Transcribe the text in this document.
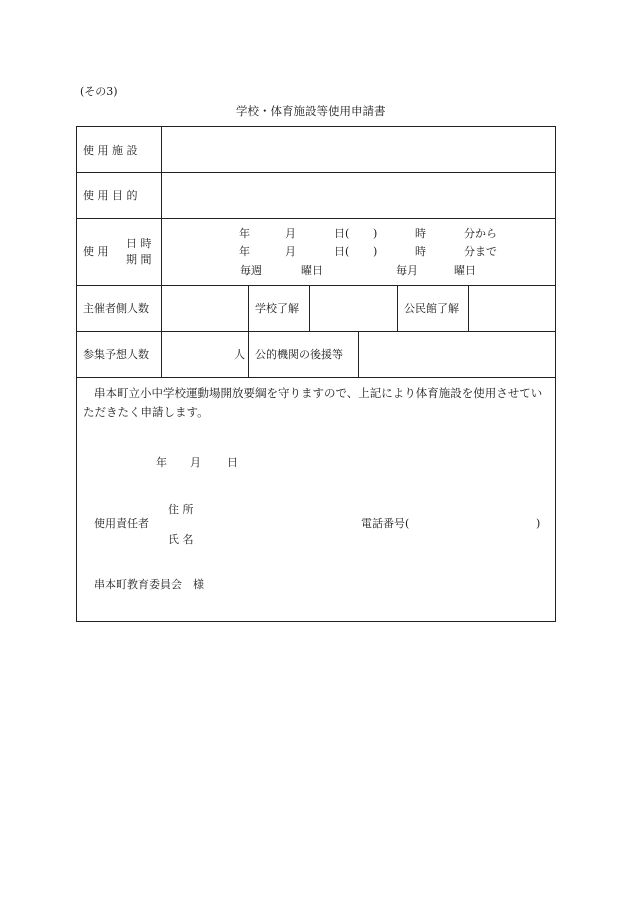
(その3)
学校・体育施設等使用申請書
使 用 施 設
使 用 目 的
使 用
日 時
期 間
年	月	日( )	時	分から
年	月	日( )	時	分まで
毎週	曜日	毎月	曜日
主催者側人数	学校了解	公民館了解
参集予想人数	人 公的機関の後援等
串本町立小中学校運動場開放要綱を守りますので、上記により体育施設を使用させてい
ただきたく申請します。
年 月 日
住 所
使用責任者
氏 名
電話番号(	)
串本町教育委員会　様
